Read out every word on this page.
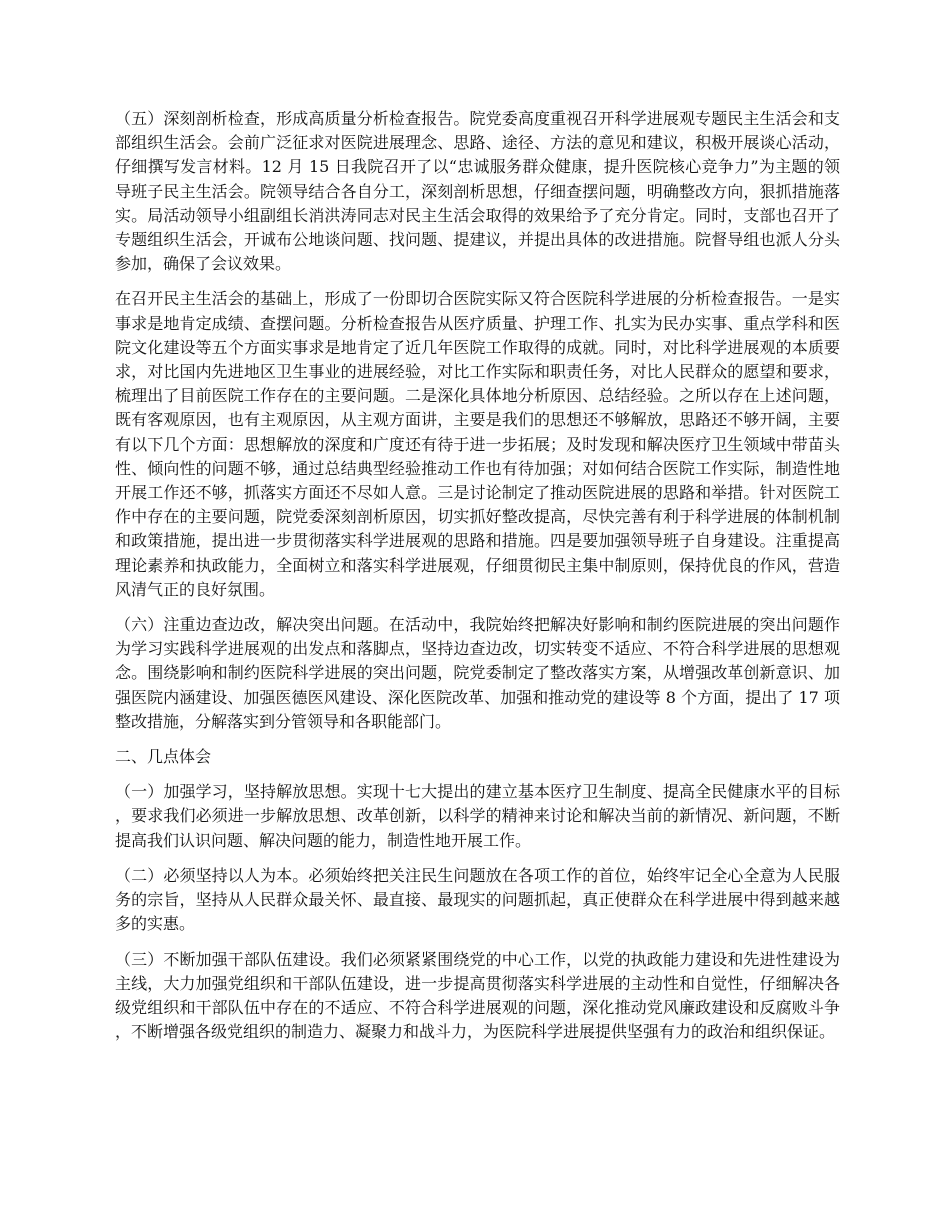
（五）深刻剖析检查，形成高质量分析检查报告。院党委高度重视召开科学进展观专题民主生活会和支部组织生活会。会前广泛征求对医院进展理念、思路、途径、方法的意见和建议，积极开展谈心活动，仔细撰写发言材料。12 月 15 日我院召开了以“忠诚服务群众健康，提升医院核心竞争力”为主题的领导班子民主生活会。院领导结合各自分工，深刻剖析思想，仔细查摆问题，明确整改方向，狠抓措施落实。局活动领导小组副组长消洪涛同志对民主生活会取得的效果给予了充分肯定。同时，支部也召开了专题组织生活会，开诚布公地谈问题、找问题、提建议，并提出具体的改进措施。院督导组也派人分头参加，确保了会议效果。

在召开民主生活会的基础上，形成了一份即切合医院实际又符合医院科学进展的分析检查报告。一是实事求是地肯定成绩、查摆问题。分析检查报告从医疗质量、护理工作、扎实为民办实事、重点学科和医院文化建设等五个方面实事求是地肯定了近几年医院工作取得的成就。同时，对比科学进展观的本质要求，对比国内先进地区卫生事业的进展经验，对比工作实际和职责任务，对比人民群众的愿望和要求，梳理出了目前医院工作存在的主要问题。二是深化具体地分析原因、总结经验。之所以存在上述问题，既有客观原因，也有主观原因，从主观方面讲，主要是我们的思想还不够解放，思路还不够开阔，主要有以下几个方面：思想解放的深度和广度还有待于进一步拓展；及时发现和解决医疗卫生领域中带苗头性、倾向性的问题不够，通过总结典型经验推动工作也有待加强；对如何结合医院工作实际，制造性地开展工作还不够，抓落实方面还不尽如人意。三是讨论制定了推动医院进展的思路和举措。针对医院工作中存在的主要问题，院党委深刻剖析原因，切实抓好整改提高，尽快完善有利于科学进展的体制机制和政策措施，提出进一步贯彻落实科学进展观的思路和措施。四是要加强领导班子自身建设。注重提高理论素养和执政能力，全面树立和落实科学进展观，仔细贯彻民主集中制原则，保持优良的作风，营造风清气正的良好氛围。

（六）注重边查边改，解决突出问题。在活动中，我院始终把解决好影响和制约医院进展的突出问题作为学习实践科学进展观的出发点和落脚点，坚持边查边改，切实转变不适应、不符合科学进展的思想观念。围绕影响和制约医院科学进展的突出问题，院党委制定了整改落实方案，从增强改革创新意识、加强医院内涵建设、加强医德医风建设、深化医院改革、加强和推动党的建设等 8 个方面，提出了 17 项整改措施，分解落实到分管领导和各职能部门。

二、几点体会

（一）加强学习，坚持解放思想。实现十七大提出的建立基本医疗卫生制度、提高全民健康水平的目标，要求我们必须进一步解放思想、改革创新，以科学的精神来讨论和解决当前的新情况、新问题，不断提高我们认识问题、解决问题的能力，制造性地开展工作。

（二）必须坚持以人为本。必须始终把关注民生问题放在各项工作的首位，始终牢记全心全意为人民服务的宗旨，坚持从人民群众最关怀、最直接、最现实的问题抓起，真正使群众在科学进展中得到越来越多的实惠。

（三）不断加强干部队伍建设。我们必须紧紧围绕党的中心工作，以党的执政能力建设和先进性建设为主线，大力加强党组织和干部队伍建设，进一步提高贯彻落实科学进展的主动性和自觉性，仔细解决各级党组织和干部队伍中存在的不适应、不符合科学进展观的问题，深化推动党风廉政建设和反腐败斗争，不断增强各级党组织的制造力、凝聚力和战斗力，为医院科学进展提供坚强有力的政治和组织保证。
